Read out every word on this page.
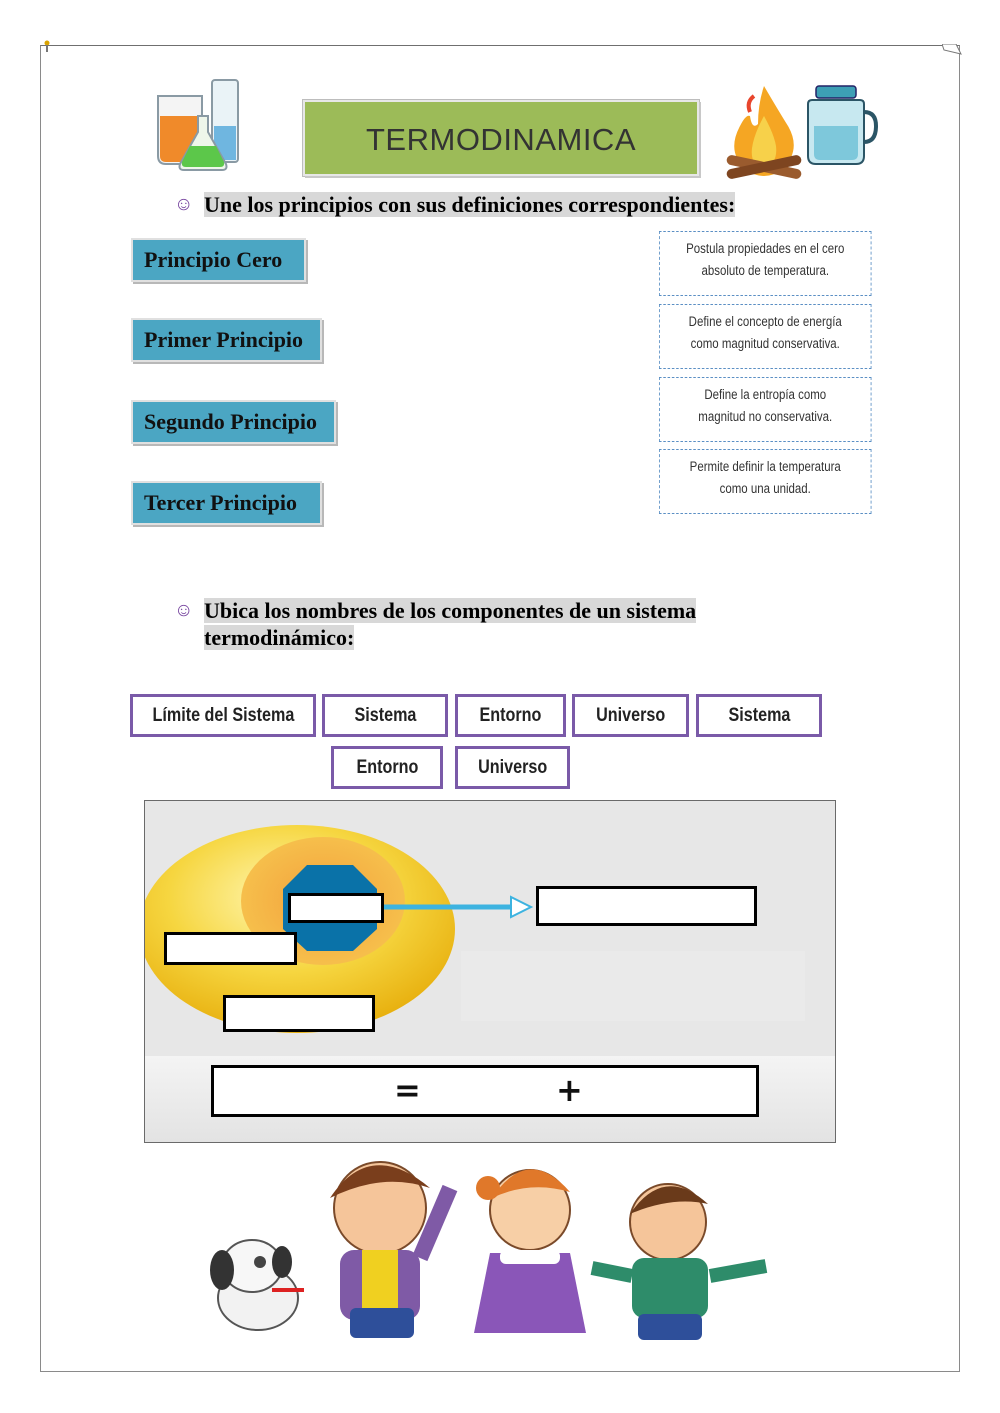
TERMODINAMICA
☺ Une los principios con sus definiciones correspondientes:
Principio Cero
Primer Principio
Segundo Principio
Tercer Principio
Postula propiedades en el cero
absoluto de temperatura.
Define el concepto de energía
como magnitud conservativa.
Define la entropía como
magnitud no conservativa.
Permite definir la temperatura
como una unidad.
☺ Ubica los nombres de los componentes de un sistema
termodinámico:
Límite del Sistema	Sistema	Entorno	Universo	Sistema
Entorno	Universo
=	+
